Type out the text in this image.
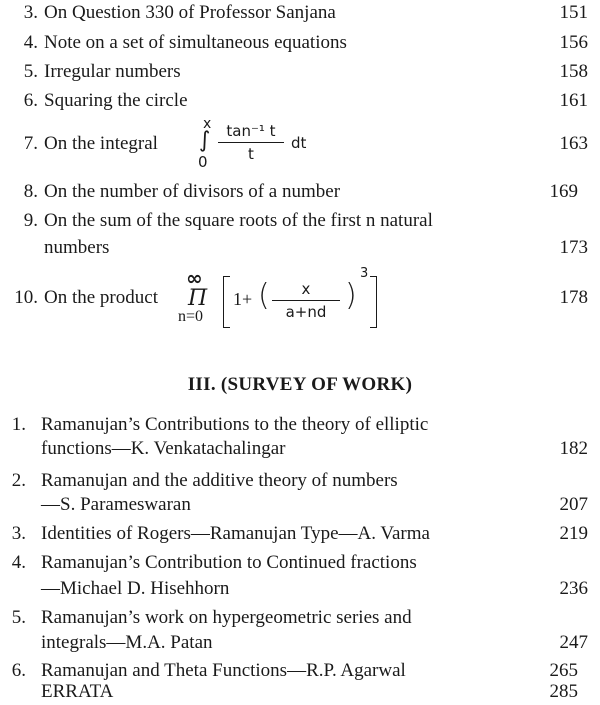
3. On Question 330 of Professor Sanjana	151
4. Note on a set of simultaneous equations	156
5. Irregular numbers	158
6. Squaring the circle	161
7. On the integral	163
x
∫
0
tan⁻¹ t
t
dt
8. On the number of divisors of a number	169
9. On the sum of the square roots of the first n natural
numbers	173
10. On the product	178
∞
Π
n=0
1+ (	x
a+nd )
3
III. (SURVEY OF WORK)
1. Ramanujan’s Contributions to the theory of elliptic
functions—K. Venkatachalingar	182
2. Ramanujan and the additive theory of numbers
—S. Parameswaran	207
3. Identities of Rogers—Ramanujan Type—A. Varma	219
4. Ramanujan’s Contribution to Continued fractions
—Michael D. Hisehhorn	236
5. Ramanujan’s work on hypergeometric series and
integrals—M.A. Patan	247
6. Ramanujan and Theta Functions—R.P. Agarwal	265
ERRATA	285
